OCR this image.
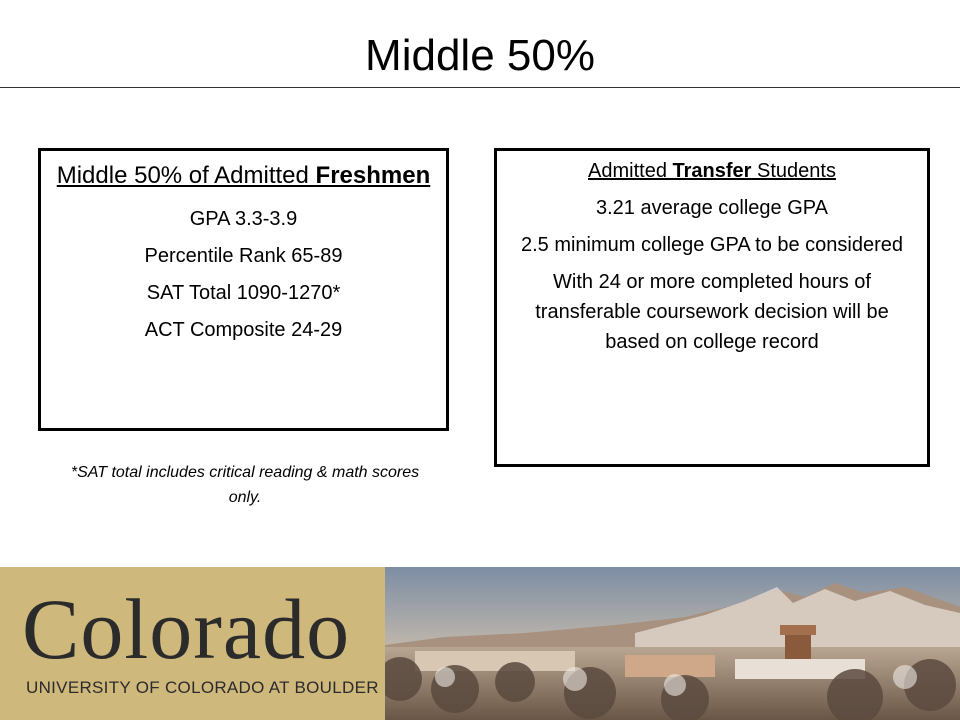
Middle 50%
Middle 50% of Admitted Freshmen
GPA 3.3-3.9
Percentile Rank 65-89
SAT Total 1090-1270*
ACT Composite 24-29
*SAT total includes critical reading & math scores only.
Admitted Transfer Students
3.21 average college GPA
2.5 minimum college GPA to be considered
With 24 or more completed hours of transferable coursework decision will be based on college record
Colorado
UNIVERSITY OF COLORADO AT BOULDER
